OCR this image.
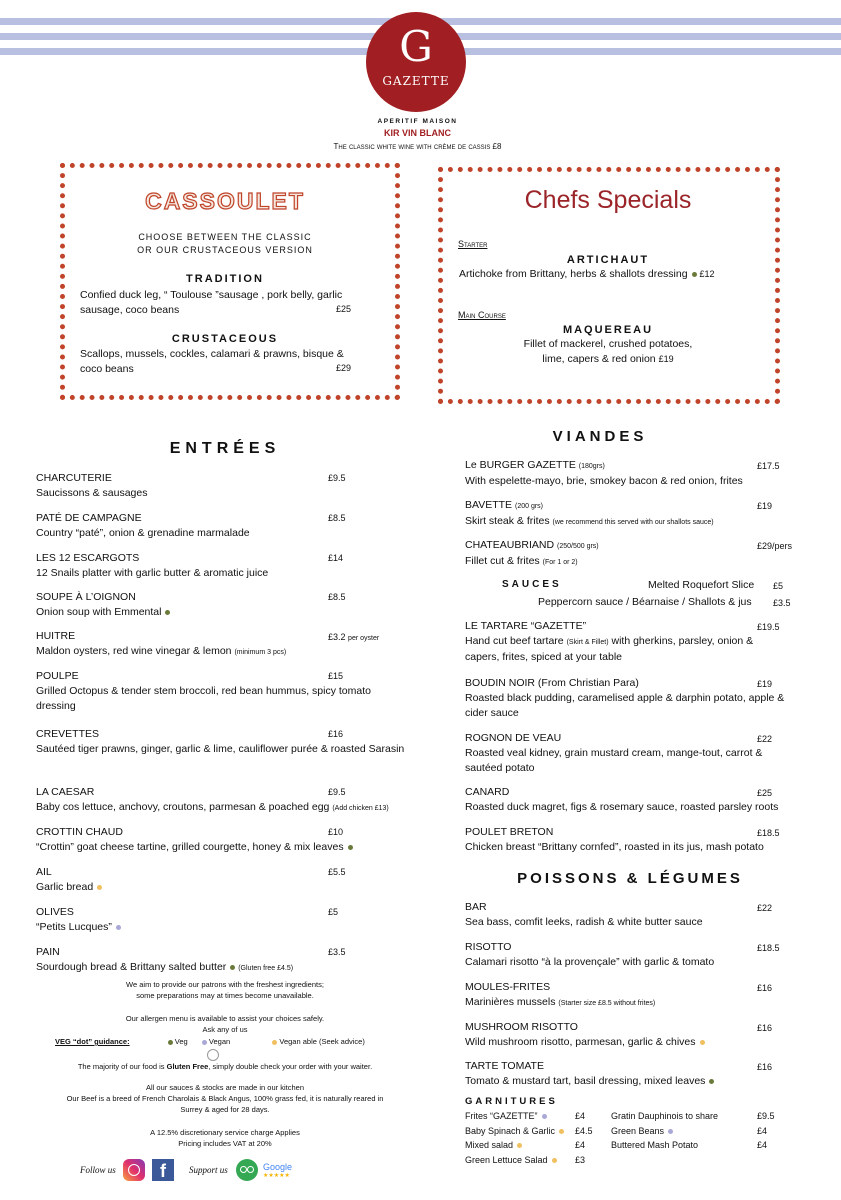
G
GAZETTE
APERITIF MAISON
KIR VIN BLANC
The classic white wine with crème de cassis £8
CASSOULET
CHOOSE BETWEEN THE CLASSIC
OR OUR CRUSTACEOUS VERSION
TRADITION
Confied duck leg, “ Toulouse ”sausage , pork belly, garlic sausage, coco beans	£25
CRUSTACEOUS
Scallops, mussels, cockles, calamari & prawns, bisque & coco beans	£29
Chefs Specials
Starter
ARTICHAUT
Artichoke from Brittany, herbs & shallots dressing £12
Main Course
MAQUEREAU
Fillet of mackerel, crushed potatoes,
lime, capers & red onion £19
ENTRÉES
CHARCUTERIE
Saucissons & sausages
£9.5
PATÉ DE CAMPAGNE
Country “paté”, onion & grenadine marmalade
£8.5
LES 12 ESCARGOTS
12 Snails platter with garlic butter & aromatic juice
£14
SOUPE À L’OIGNON
Onion soup with Emmental
£8.5
HUITRE
Maldon oysters, red wine vinegar & lemon (minimum 3 pcs)
£3.2 per oyster
POULPE
Grilled Octopus & tender stem broccoli, red bean hummus, spicy tomato dressing
£15
CREVETTES
Sautéed tiger prawns, ginger, garlic & lime, cauliflower purée & roasted Sarasin
£16
LA CAESAR
Baby cos lettuce, anchovy, croutons, parmesan & poached egg (Add chicken £13)
£9.5
CROTTIN CHAUD
“Crottin” goat cheese tartine, grilled courgette, honey & mix leaves
£10
AIL
Garlic bread
£5.5
OLIVES
“Petits Lucques”
£5
PAIN
Sourdough bread & Brittany salted butter (Gluten free £4.5)
£3.5
We aim to provide our patrons with the freshest ingredients;
some preparations may at times become unavailable.
Our allergen menu is available to assist your choices safely.
Ask any of us
VEG “dot” guidance:	Veg	Vegan	Vegan able (Seek advice)
The majority of our food is Gluten Free, simply double check your order with your waiter.
All our sauces & stocks are made in our kitchen
Our Beef is a breed of French Charolais & Black Angus, 100% grass fed, it is naturally reared in
Surrey & aged for 28 days.
A 12.5% discretionary service charge Applies
Pricing includes VAT at 20%
Follow us	f	Support us	Google
★★★★★
VIANDES
Le BURGER GAZETTE (180grs)
With espelette-mayo, brie, smokey bacon & red onion, frites
£17.5
BAVETTE (200 grs)
Skirt steak & frites (we recommend this served with our shallots sauce)
£19
CHATEAUBRIAND (250/500 grs)
Fillet cut & frites (For 1 or 2)
£29/pers
SAUCES	Melted Roquefort Slice £5
Peppercorn sauce / Béarnaise / Shallots & jus £3.5
LE TARTARE “GAZETTE”
Hand cut beef tartare (Skirt & Fillet) with gherkins, parsley, onion & capers, frites, spiced at your table
£19.5
BOUDIN NOIR (From Christian Para)
Roasted black pudding, caramelised apple & darphin potato, apple & cider sauce
£19
ROGNON DE VEAU
Roasted veal kidney, grain mustard cream, mange-tout, carrot & sautéed potato
£22
CANARD
Roasted duck magret, figs & rosemary sauce, roasted parsley roots
£25
POULET BRETON
Chicken breast “Brittany cornfed”, roasted in its jus, mash potato
£18.5
POISSONS & LÉGUMES
BAR
Sea bass, comfit leeks, radish & white butter sauce
£22
RISOTTO
Calamari risotto “à la provençale” with garlic & tomato
£18.5
MOULES-FRITES
Marinières mussels (Starter size £8.5 without frites)
£16
MUSHROOM RISOTTO
Wild mushroom risotto, parmesan, garlic & chives
£16
TARTE TOMATE
Tomato & mustard tart, basil dressing, mixed leaves
£16
GARNITURES
Frites “GAZETTE”	£4
Baby Spinach & Garlic	£4.5
Mixed salad	£4
Green Lettuce Salad	£3
Gratin Dauphinois to share	£9.5
Green Beans	£4
Buttered Mash Potato	£4
